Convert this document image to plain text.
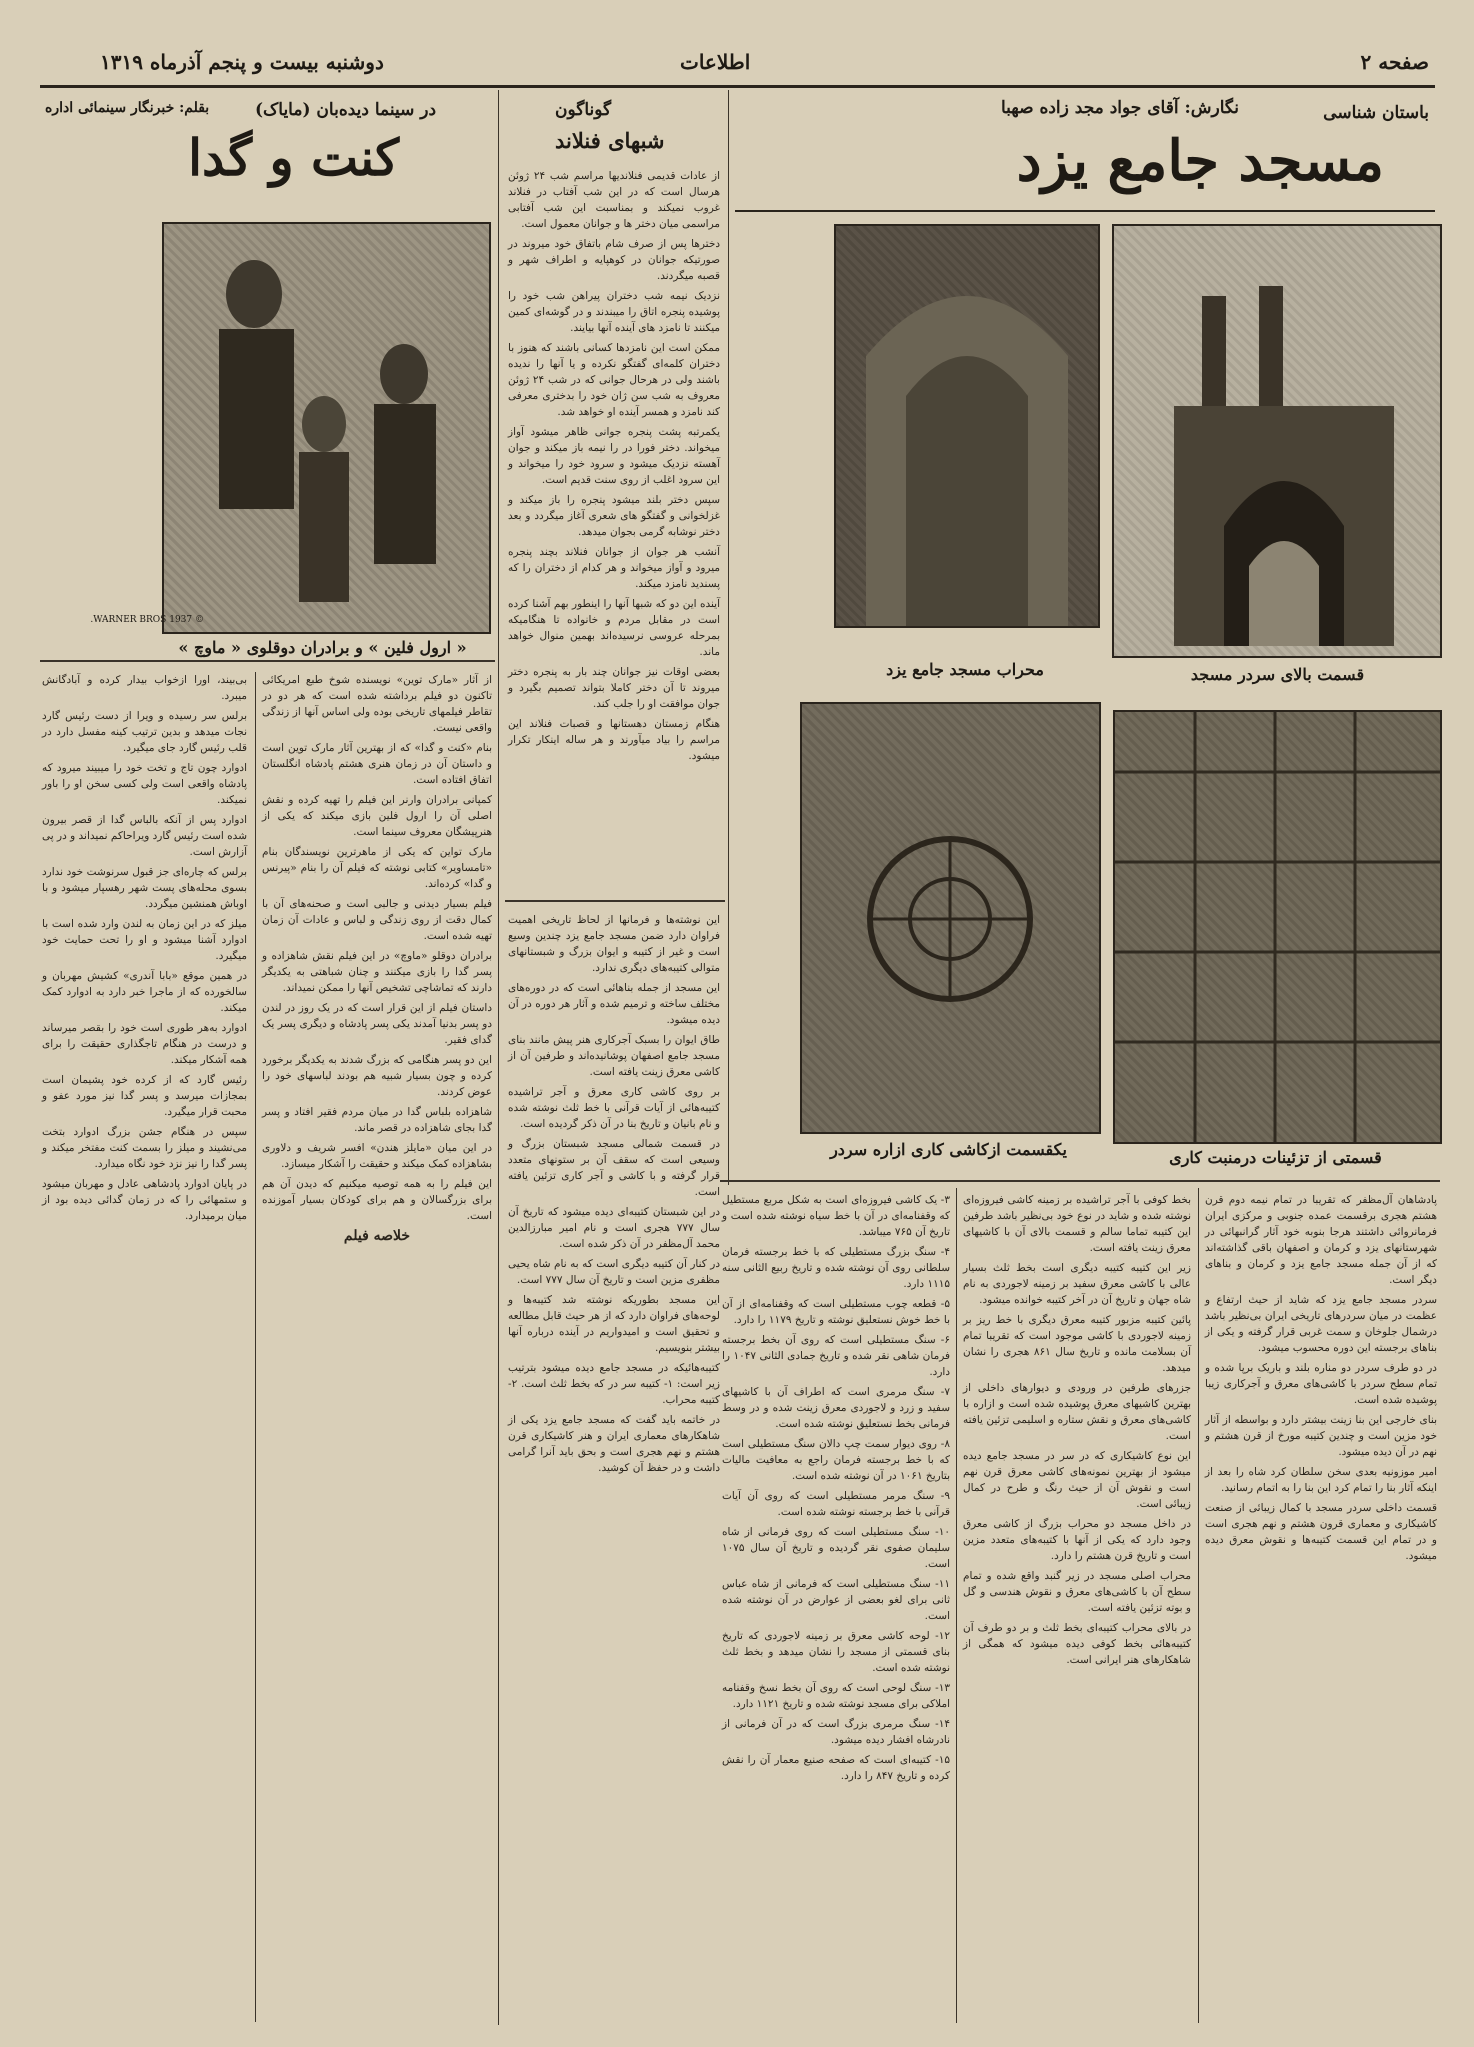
صفحه ۲
اطلاعات
دوشنبه بیست و پنجم آذرماه ۱۳۱۹
باستان شناسی
نگارش: آقای جواد مجد زاده صهبا
مسجد جامع یزد
قسمت بالای سردر مسجد
محراب مسجد جامع یزد
قسمتی از تزئینات درمنبت کاری
یکقسمت ازکاشی کاری ازاره سردر

پادشاهان آل‌مظفر که تقریبا در تمام نیمه دوم قرن هشتم هجری برقسمت عمده جنوبی و مرکزی ایران فرمانروائی داشتند هرجا بنوبه خود آثار گرانبهائی در شهرستانهای یزد و کرمان و اصفهان باقی گذاشته‌اند که از آن جمله مسجد جامع یزد و کرمان و بناهای دیگر است.

سردر مسجد جامع یزد که شاید از حیث ارتفاع و عظمت در میان سردرهای تاریخی ایران بی‌نظیر باشد درشمال جلوخان و سمت غربی قرار گرفته و یکی از بناهای برجسته این دوره محسوب میشود.

در دو طرف سردر دو مناره بلند و باریک برپا شده و تمام سطح سردر با کاشی‌های معرق و آجرکاری زیبا پوشیده شده است.

بنای خارجی این بنا زینت بیشتر دارد و بواسطه از آثار خود مزین است و چندین کتیبه مورخ از قرن هشتم و نهم در آن دیده میشود.

امیر موزونیه بعدی سخن سلطان کرد شاه را بعد از اینکه آثار بنا را تمام کرد این بنا را به اتمام رسانید.

قسمت داخلی سردر مسجد با کمال زیبائی از صنعت کاشیکاری و معماری قرون هشتم و نهم هجری است و در تمام این قسمت کتیبه‌ها و نقوش معرق دیده میشود.

بخط کوفی با آجر تراشیده بر زمینه کاشی فیروزه‌ای نوشته شده و شاید در نوع خود بی‌نظیر باشد طرفین این کتیبه تماما سالم و قسمت بالای آن با کاشیهای معرق زینت یافته است.

زیر این کتیبه کتیبه دیگری است بخط ثلث بسیار عالی با کاشی معرق سفید بر زمینه لاجوردی به نام شاه جهان و تاریخ آن در آخر کتیبه خوانده میشود.

پائین کتیبه مزبور کتیبه معرق دیگری با خط ریز بر زمینه لاجوردی با کاشی موجود است که تقریبا تمام آن بسلامت مانده و تاریخ سال ۸۶۱ هجری را نشان میدهد.

جزرهای طرفین در ورودی و دیوارهای داخلی از بهترین کاشیهای معرق پوشیده شده است و ازاره با کاشی‌های معرق و نقش ستاره و اسلیمی تزئین یافته است.

این نوع کاشیکاری که در سر در مسجد جامع دیده میشود از بهترین نمونه‌های کاشی معرق قرن نهم است و نقوش آن از حیث رنگ و طرح در کمال زیبائی است.

در داخل مسجد دو محراب بزرگ از کاشی معرق وجود دارد که یکی از آنها با کتیبه‌های متعدد مزین است و تاریخ قرن هشتم را دارد.

محراب اصلی مسجد در زیر گنبد واقع شده و تمام سطح آن با کاشی‌های معرق و نقوش هندسی و گل و بوته تزئین یافته است.

در بالای محراب کتیبه‌ای بخط ثلث و بر دو طرف آن کتیبه‌هائی بخط کوفی دیده میشود که همگی از شاهکارهای هنر ایرانی است.

۳- یک کاشی فیروزه‌ای است به شکل مربع مستطیل که وقفنامه‌ای در آن با خط سیاه نوشته شده است و تاریخ آن ۷۶۵ میباشد.

۴- سنگ بزرگ مستطیلی که با خط برجسته فرمان سلطانی روی آن نوشته شده و تاریخ ربیع الثانی سنه ۱۱۱۵ دارد.

۵- قطعه چوب مستطیلی است که وقفنامه‌ای از آن با خط خوش نستعلیق نوشته و تاریخ ۱۱۷۹ را دارد.

۶- سنگ مستطیلی است که روی آن بخط برجسته فرمان شاهی نقر شده و تاریخ جمادی الثانی ۱۰۴۷ را دارد.

۷- سنگ مرمری است که اطراف آن با کاشیهای سفید و زرد و لاجوردی معرق زینت شده و در وسط فرمانی بخط نستعلیق نوشته شده است.

۸- روی دیوار سمت چپ دالان سنگ مستطیلی است که با خط برجسته فرمان راجع به معافیت مالیات بتاریخ ۱۰۶۱ در آن نوشته شده است.

۹- سنگ مرمر مستطیلی است که روی آن آیات قرآنی با خط برجسته نوشته شده است.

۱۰- سنگ مستطیلی است که روی فرمانی از شاه سلیمان صفوی نقر گردیده و تاریخ آن سال ۱۰۷۵ است.

۱۱- سنگ مستطیلی است که فرمانی از شاه عباس ثانی برای لغو بعضی از عوارض در آن نوشته شده است.

۱۲- لوحه کاشی معرق بر زمینه لاجوردی که تاریخ بنای قسمتی از مسجد را نشان میدهد و بخط ثلث نوشته شده است.

۱۳- سنگ لوحی است که روی آن بخط نسخ وقفنامه املاکی برای مسجد نوشته شده و تاریخ ۱۱۲۱ دارد.

۱۴- سنگ مرمری بزرگ است که در آن فرمانی از نادرشاه افشار دیده میشود.

۱۵- کتیبه‌ای است که صفحه صنیع معمار آن را نقش کرده و تاریخ ۸۴۷ را دارد.

گوناگون
شبهای فنلاند

از عادات قدیمی فنلاندیها مراسم شب ۲۴ ژوئن هرسال است که در این شب آفتاب در فنلاند غروب نمیکند و بمناسبت این شب آفتابی مراسمی میان دختر ها و جوانان معمول است.

دخترها پس از صرف شام باتفاق خود میروند در صورتیکه جوانان در کوهپایه و اطراف شهر و قصبه میگردند.

نزدیک نیمه شب دختران پیراهن شب خود را پوشیده پنجره اتاق را میبندند و در گوشه‌ای کمین میکنند تا نامزد های آینده آنها بیایند.

ممکن است این نامزدها کسانی باشند که هنوز با دختران کلمه‌ای گفتگو نکرده و یا آنها را ندیده باشند ولی در هرحال جوانی که در شب ۲۴ ژوئن معروف به شب سن ژان خود را بدختری معرفی کند نامزد و همسر آینده او خواهد شد.

یکمرتبه پشت پنجره جوانی ظاهر میشود آواز میخواند. دختر فورا در را نیمه باز میکند و جوان آهسته نزدیک میشود و سرود خود را میخواند و این سرود اغلب از روی سنت قدیم است.

سپس دختر بلند میشود پنجره را باز میکند و غزلخوانی و گفتگو های شعری آغاز میگردد و بعد دختر نوشابه گرمی بجوان میدهد.

آنشب هر جوان از جوانان فنلاند بچند پنجره میرود و آواز میخواند و هر کدام از دختران را که پسندید نامزد میکند.

آینده این دو که شبها آنها را اینطور بهم آشنا کرده است در مقابل مردم و خانواده تا هنگامیکه بمرحله عروسی نرسیده‌اند بهمین منوال خواهد ماند.

بعضی اوقات نیز جوانان چند بار به پنجره دختر میروند تا آن دختر کاملا بتواند تصمیم بگیرد و جوان موافقت او را جلب کند.

هنگام زمستان دهستانها و قصبات فنلاند این مراسم را بیاد میآورند و هر ساله اینکار تکرار میشود.

این نوشته‌ها و فرمانها از لحاظ تاریخی اهمیت فراوان دارد ضمن مسجد جامع یزد چندین وسیع است و غیر از کتیبه و ایوان بزرگ و شبستانهای متوالی کتیبه‌های دیگری ندارد.

این مسجد از جمله بناهائی است که در دوره‌های مختلف ساخته و ترمیم شده و آثار هر دوره در آن دیده میشود.

طاق ایوان را بسبک آجرکاری هنر پیش مانند بنای مسجد جامع اصفهان پوشانیده‌اند و طرفین آن از کاشی معرق زینت یافته است.

بر روی کاشی کاری معرق و آجر تراشیده کتیبه‌هائی از آیات قرآنی با خط ثلث نوشته شده و نام بانیان و تاریخ بنا در آن ذکر گردیده است.

در قسمت شمالی مسجد شبستان بزرگ و وسیعی است که سقف آن بر ستونهای متعدد قرار گرفته و با کاشی و آجر کاری تزئین یافته است.

در این شبستان کتیبه‌ای دیده میشود که تاریخ آن سال ۷۷۷ هجری است و نام امیر مبارزالدین محمد آل‌مظفر در آن ذکر شده است.

در کنار آن کتیبه دیگری است که به نام شاه یحیی مظفری مزین است و تاریخ آن سال ۷۷۷ است.

این مسجد بطوریکه نوشته شد کتیبه‌ها و لوحه‌های فراوان دارد که از هر حیث قابل مطالعه و تحقیق است و امیدواریم در آینده درباره آنها بیشتر بنویسیم.

کتیبه‌هائیکه در مسجد جامع دیده میشود بترتیب زیر است: ۱- کتیبه سر در که بخط ثلث است. ۲- کتیبه محراب.

در خاتمه باید گفت که مسجد جامع یزد یکی از شاهکارهای معماری ایران و هنر کاشیکاری قرن هشتم و نهم هجری است و بحق باید آنرا گرامی داشت و در حفظ آن کوشید.

در سینما دیده‌بان (مایاک)
بقلم: خبرنگار سینمائی اداره
کنت و گدا
© 1937 WARNER BROS.
« ارول فلین » و برادران دوقلوی « ماوچ »

از آثار «مارک توین» نویسنده شوخ طبع امریکائی تاکنون دو فیلم برداشته شده است که هر دو در تقاطر فیلمهای تاریخی بوده ولی اساس آنها از زندگی واقعی نیست.

بنام «کنت و گدا» که از بهترین آثار مارک توین است و داستان آن در زمان هنری هشتم پادشاه انگلستان اتفاق افتاده است.

کمپانی برادران وارنر این فیلم را تهیه کرده و نقش اصلی آن را ارول فلین بازی میکند که یکی از هنرپیشگان معروف سینما است.

مارک تواین که یکی از ماهرترین نویسندگان بنام «تامساویر» کتابی نوشته که فیلم آن را بنام «پیرنس و گدا» کرده‌اند.

فیلم بسیار دیدنی و جالبی است و صحنه‌های آن با کمال دقت از روی زندگی و لباس و عادات آن زمان تهیه شده است.

برادران دوقلو «ماوچ» در این فیلم نقش شاهزاده و پسر گدا را بازی میکنند و چنان شباهتی به یکدیگر دارند که تماشاچی تشخیص آنها را ممکن نمیداند.

داستان فیلم از این قرار است که در یک روز در لندن دو پسر بدنیا آمدند یکی پسر پادشاه و دیگری پسر یک گدای فقیر.

این دو پسر هنگامی که بزرگ شدند به یکدیگر برخورد کرده و چون بسیار شبیه هم بودند لباسهای خود را عوض کردند.

شاهزاده بلباس گدا در میان مردم فقیر افتاد و پسر گدا بجای شاهزاده در قصر ماند.

در این میان «مایلز هندن» افسر شریف و دلاوری بشاهزاده کمک میکند و حقیقت را آشکار میسازد.

این فیلم را به همه توصیه میکنیم که دیدن آن هم برای بزرگسالان و هم برای کودکان بسیار آموزنده است.

خلاصه فیلم

بی‌بیند، اورا ازخواب بیدار کرده و آبادگانش میبرد.

برلس سر رسیده و ویرا از دست رئیس گارد نجات میدهد و بدین ترتیب کینه مفسل دارد در قلب رئیس گارد جای میگیرد.

ادوارد چون تاج و تخت خود را میبیند میرود که پادشاه واقعی است ولی کسی سخن او را باور نمیکند.

ادوارد پس از آنکه بالباس گدا از قصر بیرون شده است رئیس گارد ویراحاکم نمیداند و در پی آزارش است.

برلس که چاره‌ای جز قبول سرنوشت خود ندارد بسوی محله‌های پست شهر رهسپار میشود و با اوباش همنشین میگردد.

میلز که در این زمان به لندن وارد شده است با ادوارد آشنا میشود و او را تحت حمایت خود میگیرد.

در همین موقع «بابا آندری» کشیش مهربان و سالخورده که از ماجرا خبر دارد به ادوارد کمک میکند.

ادوارد به‌هر طوری است خود را بقصر میرساند و درست در هنگام تاجگذاری حقیقت را برای همه آشکار میکند.

رئیس گارد که از کرده خود پشیمان است بمجازات میرسد و پسر گدا نیز مورد عفو و محبت قرار میگیرد.

سپس در هنگام جشن بزرگ ادوارد بتخت می‌نشیند و میلز را بسمت کنت مفتخر میکند و پسر گدا را نیز نزد خود نگاه میدارد.

در پایان ادوارد پادشاهی عادل و مهربان میشود و ستمهائی را که در زمان گدائی دیده بود از میان برمیدارد.
